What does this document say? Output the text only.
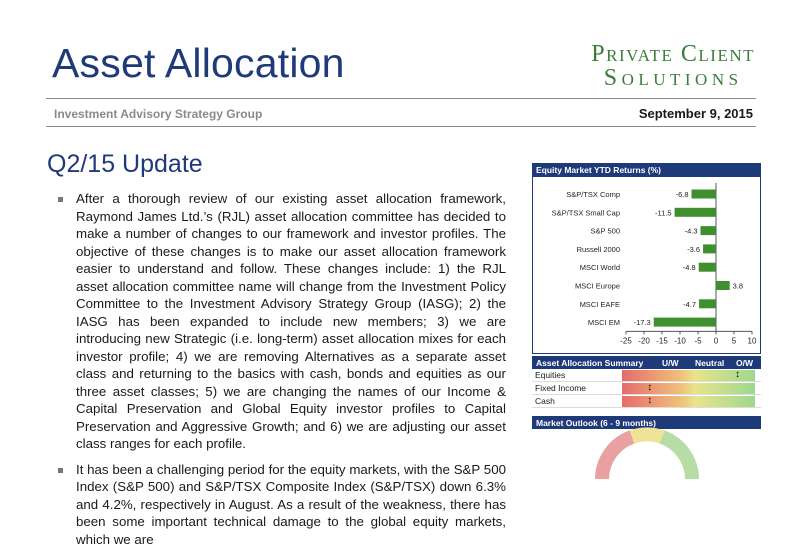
Asset Allocation	Private Client
Solutions
Investment Advisory Strategy Group	September 9, 2015
Q2/15 Update
After a thorough review of our existing asset allocation framework, Raymond James Ltd.’s (RJL) asset allocation committee has decided to make a number of changes to our framework and investor profiles. The objective of these changes is to make our asset allocation framework easier to understand and follow. These changes include: 1) the RJL asset allocation committee name will change from the Investment Policy Committee to the Investment Advisory Strategy Group (IASG); 2) the IASG has been expanded to include new members; 3) we are introducing new Strategic (i.e. long-term) asset allocation mixes for each investor profile; 4) we are removing Alternatives as a separate asset class and returning to the basics with cash, bonds and equities as our three asset classes; 5) we are changing the names of our Income & Capital Preservation and Global Equity investor profiles to Capital Preservation and Aggressive Growth; and 6) we are adjusting our asset class ranges for each profile.
It has been a challenging period for the equity markets, with the S&P 500 Index (S&P 500) and S&P/TSX Composite Index (S&P/TSX) down 6.3% and 4.2%, respectively in August. As a result of the weakness, there has been some important technical damage to the global equity markets, which we are
Equity Market YTD Returns (%)
-25 -20 -15 -10 -5 0 5 10
S&P/TSX Comp	-6.8
S&P/TSX Small Cap	-11.5
S&P 500	-4.3
Russell 2000	-3.6
MSCI World	-4.8
MSCI Europe	3.8
MSCI EAFE	-4.7
MSCI EM -17.3
Asset Allocation Summary U/W Neutral O/W
Equities	↕
Fixed Income	↕
Cash	↕
Market Outlook (6 - 9 months)
